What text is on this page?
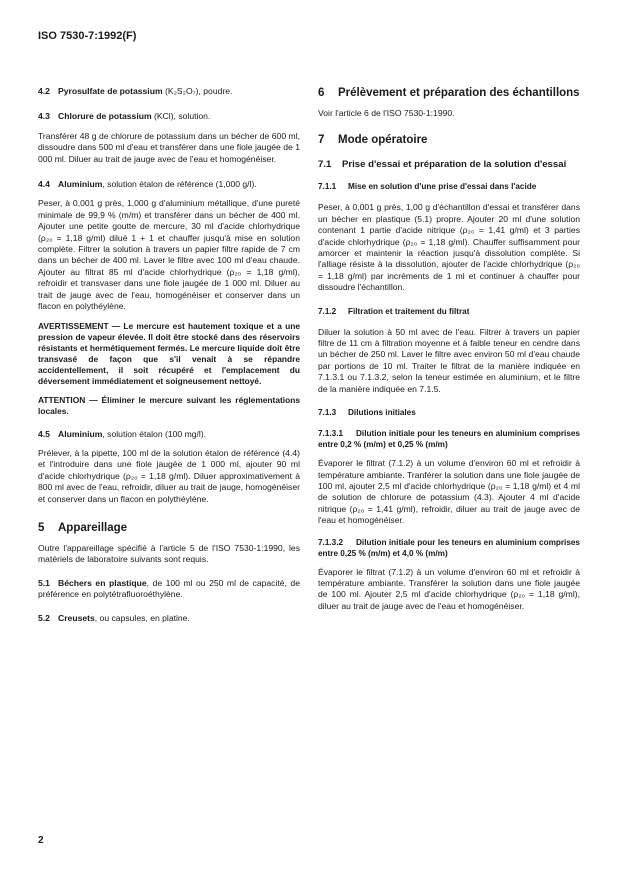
ISO 7530-7:1992(F)

4.2 Pyrosulfate de potassium (K₂S₂O₇), poudre.

4.3 Chlorure de potassium (KCl), solution.

Transférer 48 g de chlorure de potassium dans un bécher de 600 ml, dissoudre dans 500 ml d'eau et transférer dans une fiole jaugée de 1 000 ml. Diluer au trait de jauge avec de l'eau et homogénéiser.

4.4 Aluminium, solution étalon de référence (1,000 g/l).

Peser, à 0,001 g près, 1,000 g d'aluminium métallique, d'une pureté minimale de 99,9 % (m/m) et transférer dans un bécher de 400 ml. Ajouter une petite goutte de mercure, 30 ml d'acide chlorhydrique (ρ₂₀ = 1,18 g/ml) dilué 1 + 1 et chauffer jusqu'à mise en solution complète. Filtrer la solution à travers un papier filtre rapide de 7 cm dans un bécher de 400 ml. Laver le filtre avec 100 ml d'eau chaude. Ajouter au filtrat 85 ml d'acide chlorhydrique (ρ₂₀ = 1,18 g/ml), refroidir et transvaser dans une fiole jaugée de 1 000 ml. Diluer au trait de jauge avec de l'eau, homogénéiser et conserver dans un flacon en polythéylène.

AVERTISSEMENT — Le mercure est hautement toxique et a une pression de vapeur élevée. Il doit être stocké dans des réservoirs résistants et hermétiquement fermés. Le mercure liquide doit être transvasé de façon que s'il venait à se répandre accidentellement, il soit récupéré et l'emplacement du déversement immédiatement et soigneusement nettoyé.

ATTENTION — Éliminer le mercure suivant les réglementations locales.

4.5 Aluminium, solution étalon (100 mg/l).

Prélever, à la pipette, 100 ml de la solution étalon de référence (4.4) et l'introduire dans une fiole jaugée de 1 000 ml, ajouter 90 ml d'acide chlorhydrique (ρ₂₀ = 1,18 g/ml). Diluer approximativement à 800 ml avec de l'eau, refroidir, diluer au trait de jauge, homogénéiser et conserver dans un flacon en polythéylène.

5 Appareillage

Outre l'appareillage spécifié à l'article 5 de l'ISO 7530-1:1990, les matériels de laboratoire suivants sont requis.

5.1 Béchers en plastique, de 100 ml ou 250 ml de capacité, de préférence en polytétrafluoroéthylène.

5.2 Creusets, ou capsules, en platine.

6 Prélèvement et préparation des échantillons

Voir l'article 6 de l'ISO 7530-1:1990.

7 Mode opératoire

7.1 Prise d'essai et préparation de la solution d'essai

7.1.1 Mise en solution d'une prise d'essai dans l'acide

Peser, à 0,001 g près, 1,00 g d'échantillon d'essai et transférer dans un bécher en plastique (5.1) propre. Ajouter 20 ml d'une solution contenant 1 partie d'acide nitrique (ρ₂₀ = 1,41 g/ml) et 3 parties d'acide chlorhydrique (ρ₂₀ = 1,18 g/ml). Chauffer suffisamment pour amorcer et maintenir la réaction jusqu'à dissolution complète. Si l'alliage résiste à la dissolution, ajouter de l'acide chlorhydrique (ρ₂₀ = 1,18 g/ml) par incréments de 1 ml et continuer à chauffer pour dissoudre l'échantillon.

7.1.2 Filtration et traitement du filtrat

Diluer la solution à 50 ml avec de l'eau. Filtrer à travers un papier filtre de 11 cm à filtration moyenne et à faible teneur en cendre dans un bécher de 250 ml. Laver le filtre avec environ 50 ml d'eau chaude par portions de 10 ml. Traiter le filtrat de la manière indiquée en 7.1.3.1 ou 7.1.3.2, selon la teneur estimée en aluminium, et le filtre de la manière indiquée en 7.1.5.

7.1.3 Dilutions initiales

7.1.3.1 Dilution initiale pour les teneurs en aluminium comprises entre 0,2 % (m/m) et 0,25 % (m/m)

Évaporer le filtrat (7.1.2) à un volume d'environ 60 ml et refroidir à température ambiante. Tranférer la solution dans une fiole jaugée de 100 ml, ajouter 2,5 ml d'acide chlorhydrique (ρ₂₀ = 1,18 g/ml) et 4 ml de solution de chlorure de potassium (4.3). Ajouter 4 ml d'acide nitrique (ρ₂₀ = 1,41 g/ml), refroidir, diluer au trait de jauge avec de l'eau et homogénéiser.

7.1.3.2 Dilution initiale pour les teneurs en aluminium comprises entre 0,25 % (m/m) et 4,0 % (m/m)

Évaporer le filtrat (7.1.2) à un volume d'environ 60 ml et refroidir à température ambiante. Transférer la solution dans une fiole jaugée de 100 ml. Ajouter 2,5 ml d'acide chlorhydrique (ρ₂₀ = 1,18 g/ml), diluer au trait de jauge avec de l'eau et homogénéiser.

2
